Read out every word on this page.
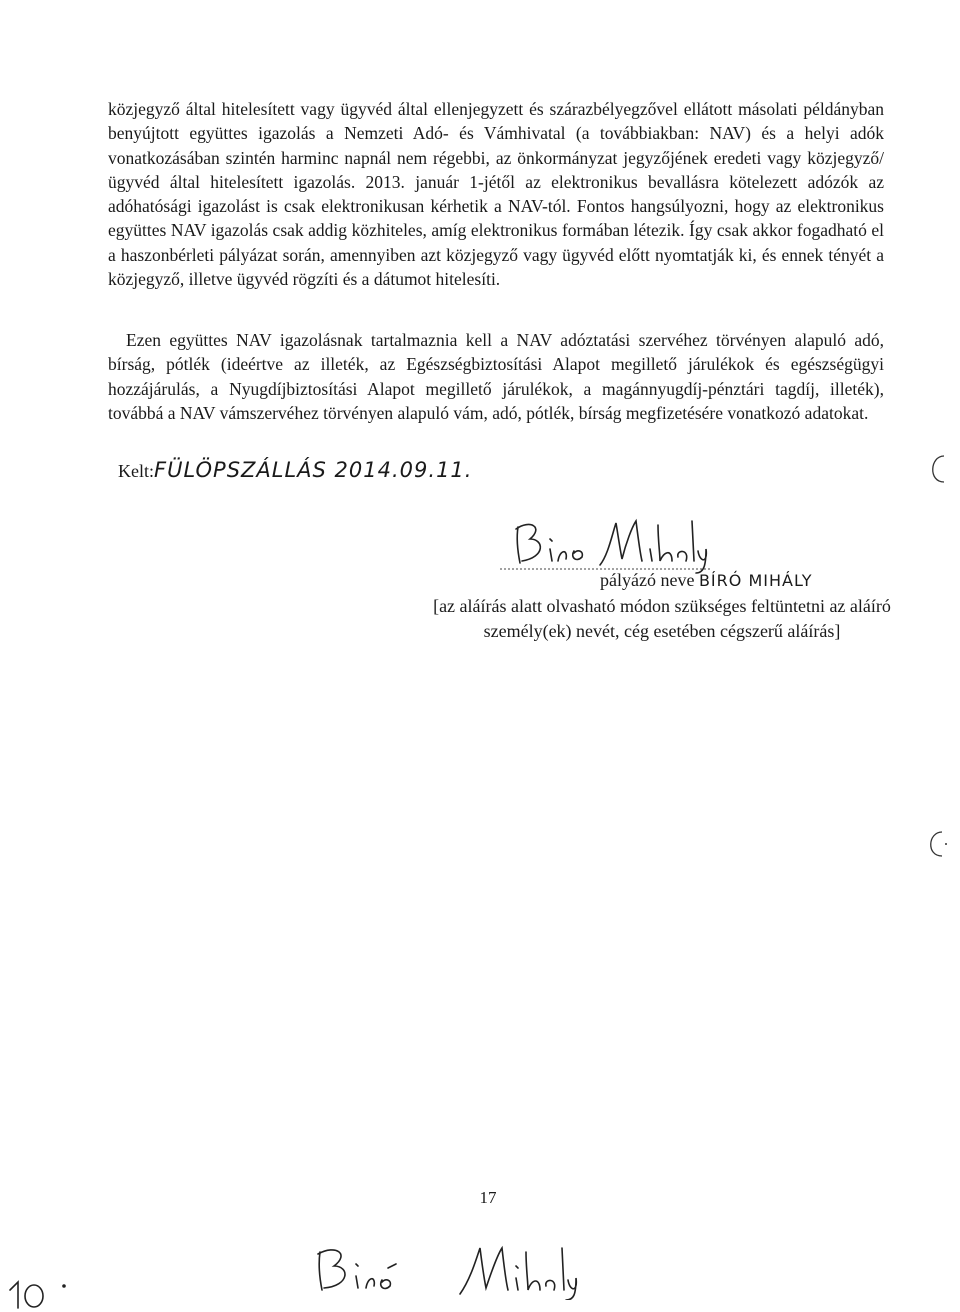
közjegyző által hitelesített vagy ügyvéd által ellenjegyzett és szárazbélyegzővel ellátott másolati példányban benyújtott együttes igazolás a Nemzeti Adó- és Vámhivatal (a továbbiakban: NAV) és a helyi adók vonatkozásában szintén harminc napnál nem régebbi, az önkormányzat jegyzőjének eredeti vagy közjegyző/ügyvéd által hitelesített igazolás. 2013. január 1-jétől az elektronikus bevallásra kötelezett adózók az adóhatósági igazolást is csak elektronikusan kérhetik a NAV-tól. Fontos hangsúlyozni, hogy az elektronikus együttes NAV igazolás csak addig közhiteles, amíg elektronikus formában létezik. Így csak akkor fogadható el a haszonbérleti pályázat során, amennyiben azt közjegyző vagy ügyvéd előtt nyomtatják ki, és ennek tényét a közjegyző, illetve ügyvéd rögzíti és a dátumot hitelesíti.

Ezen együttes NAV igazolásnak tartalmaznia kell a NAV adóztatási szervéhez törvényen alapuló adó, bírság, pótlék (ideértve az illeték, az Egészségbiztosítási Alapot megillető járulékok és egészségügyi hozzájárulás, a Nyugdíjbiztosítási Alapot megillető járulékok, a magánnyugdíj-pénztári tagdíj, illeték), továbbá a NAV vámszervéhez törvényen alapuló vám, adó, pótlék, bírság megfizetésére vonatkozó adatokat.

Kelt:FÜLÖPSZÁLLÁS 2014.09.11.
pályázó neve BÍRÓ MIHÁLY
[az aláírás alatt olvasható módon szükséges feltüntetni az aláíró személy(ek) nevét, cég esetében cégszerű aláírás]
17
